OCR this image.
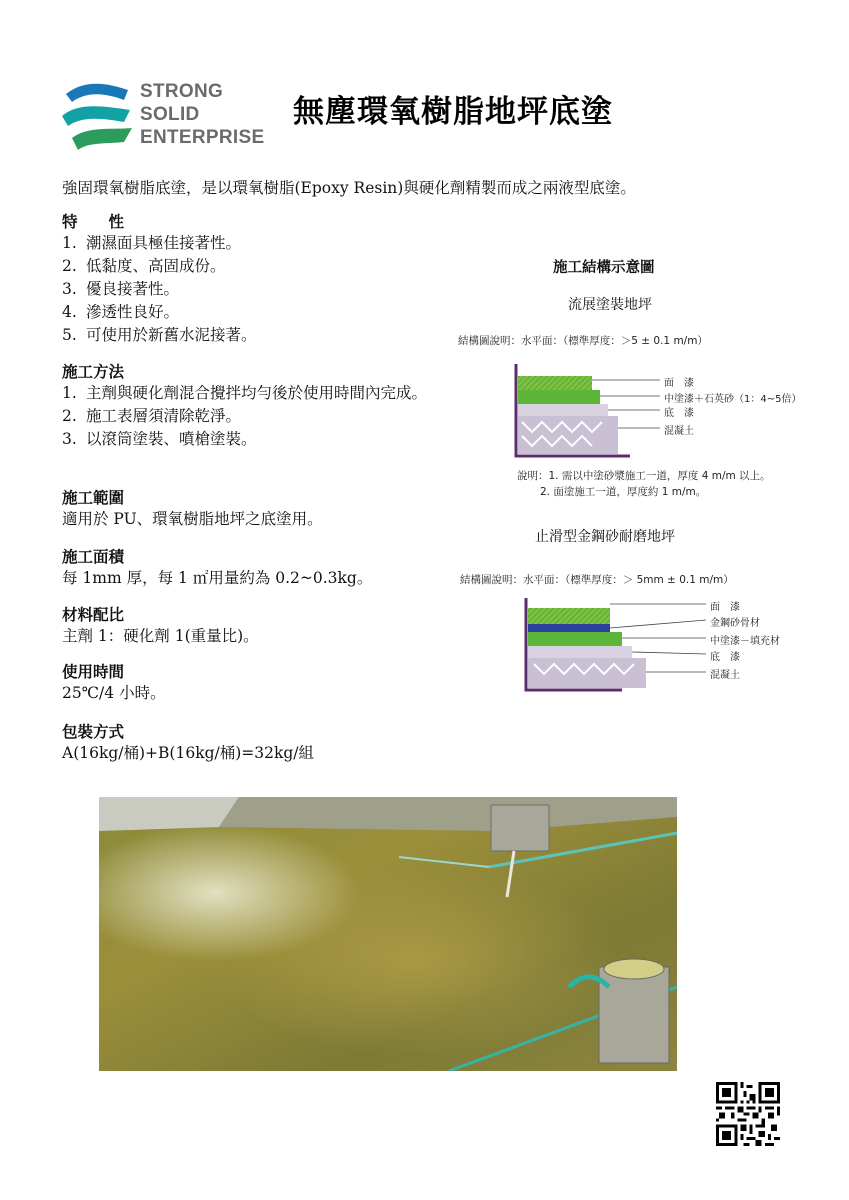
STRONG
SOLID
ENTERPRISE
無塵環氧樹脂地坪底塗
強固環氧樹脂底塗，是以環氧樹脂(Epoxy Resin)與硬化劑精製而成之兩液型底塗。
特　　性
1. 潮濕面具極佳接著性。
2. 低黏度、高固成份。
3. 優良接著性。
4. 滲透性良好。
5. 可使用於新舊水泥接著。
施工方法
1. 主劑與硬化劑混合攪拌均勻後於使用時間內完成。
2. 施工表層須清除乾淨。
3. 以滾筒塗裝、噴槍塗裝。
施工範圍
適用於 PU、環氧樹脂地坪之底塗用。
施工面積
每 1mm 厚，每 1 ㎡用量約為 0.2~0.3kg。
材料配比
主劑 1：硬化劑 1(重量比)。
使用時間
25℃/4 小時。
包裝方式
A(16kg/桶)+B(16kg/桶)=32kg/組
施工結構示意圖
流展塗裝地坪
結構圖說明：水平面：（標準厚度：＞5 ± 0.1 m/m）
面　漆
中塗漆＋石英砂（1：4~5倍）
底　漆
混凝土
說明：1. 需以中塗砂漿施工一道，厚度 4 m/m 以上。
2. 面塗施工一道，厚度約 1 m/m。
止滑型金鋼砂耐磨地坪
結構圖說明：水平面：（標準厚度：＞ 5mm ± 0.1 m/m）
面　漆
金鋼砂骨材
中塗漆－填充材
底　漆
混凝土
